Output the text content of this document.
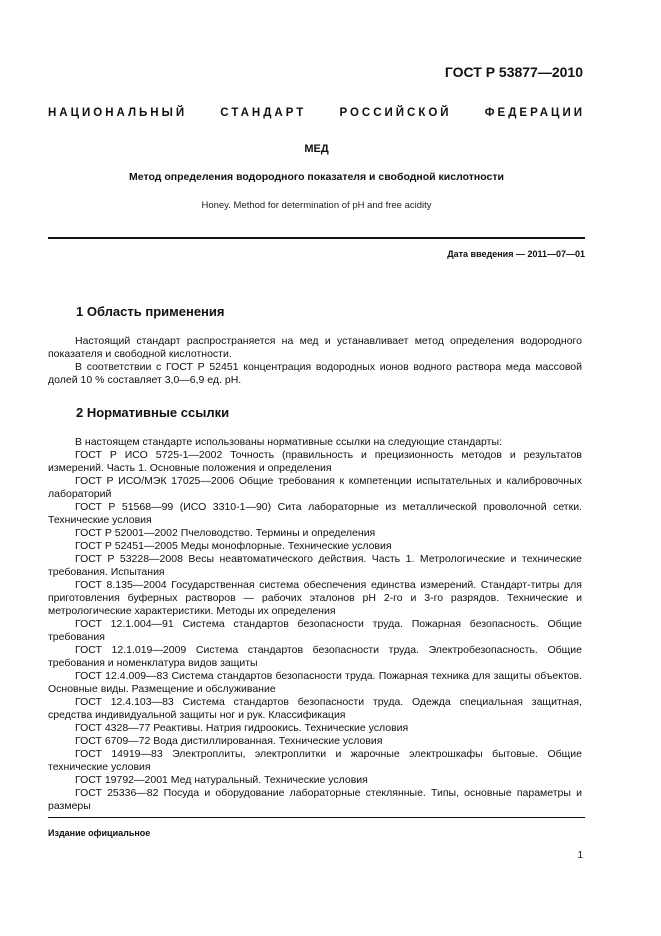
ГОСТ Р 53877—2010
НАЦИОНАЛЬНЫЙ	СТАНДАРТ	РОССИЙСКОЙ	ФЕДЕРАЦИИ
МЕД
Метод определения водородного показателя и свободной кислотности
Honey. Method for determination of pH and free acidity
Дата введения — 2011—07—01
1 Область применения

Настоящий стандарт распространяется на мед и устанавливает метод определения водородного показателя и свободной кислотности.

В соответствии с ГОСТ Р 52451 концентрация водородных ионов водного раствора меда массовой долей 10 % составляет 3,0—6,9 ед. pH.

2 Нормативные ссылки

В настоящем стандарте использованы нормативные ссылки на следующие стандарты:

ГОСТ Р ИСО 5725-1—2002 Точность (правильность и прецизионность методов и результатов измерений. Часть 1. Основные положения и определения

ГОСТ Р ИСО/МЭК 17025—2006 Общие требования к компетенции испытательных и калибровочных лабораторий

ГОСТ Р 51568—99 (ИСО 3310-1—90) Сита лабораторные из металлической проволочной сетки. Технические условия

ГОСТ Р 52001—2002 Пчеловодство. Термины и определения

ГОСТ Р 52451—2005 Меды монофлорные. Технические условия

ГОСТ Р 53228—2008 Весы неавтоматического действия. Часть 1. Метрологические и технические требования. Испытания

ГОСТ 8.135—2004 Государственная система обеспечения единства измерений. Стандарт-титры для приготовления буферных растворов — рабочих эталонов pH 2-го и 3-го разрядов. Технические и метрологические характеристики. Методы их определения

ГОСТ 12.1.004—91 Система стандартов безопасности труда. Пожарная безопасность. Общие требования

ГОСТ 12.1.019—2009 Система стандартов безопасности труда. Электробезопасность. Общие требования и номенклатура видов защиты

ГОСТ 12.4.009—83 Система стандартов безопасности труда. Пожарная техника для защиты объектов. Основные виды. Размещение и обслуживание

ГОСТ 12.4.103—83 Система стандартов безопасности труда. Одежда специальная защитная, средства индивидуальной защиты ног и рук. Классификация

ГОСТ 4328—77 Реактивы. Натрия гидроокись. Технические условия

ГОСТ 6709—72 Вода дистиллированная. Технические условия

ГОСТ 14919—83 Электроплиты, электроплитки и жарочные электрошкафы бытовые. Общие технические условия

ГОСТ 19792—2001 Мед натуральный. Технические условия

ГОСТ 25336—82 Посуда и оборудование лабораторные стеклянные. Типы, основные параметры и размеры

Издание официальное
1
